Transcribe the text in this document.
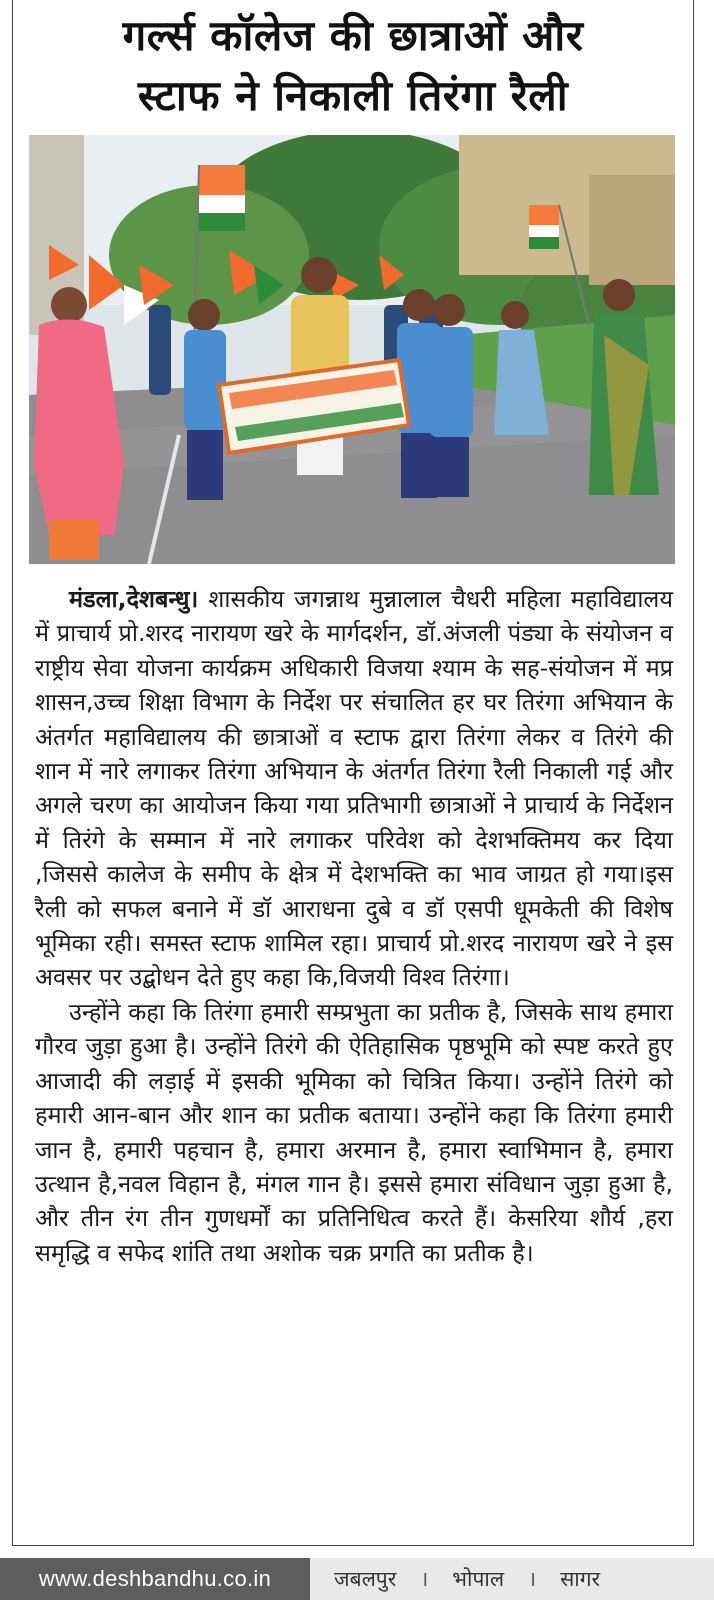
गर्ल्स कॉलेज की छात्राओं और
स्टाफ ने निकाली तिरंगा रैली

मंडला,देशबन्धु। शासकीय जगन्नाथ मुन्नालाल चैधरी महिला महाविद्यालय में प्राचार्य प्रो.शरद नारायण खरे के मार्गदर्शन, डॉ.अंजली पंड्या के संयोजन व राष्ट्रीय सेवा योजना कार्यक्रम अधिकारी विजया श्याम के सह-संयोजन में मप्र शासन,उच्च शिक्षा विभाग के निर्देश पर संचालित हर घर तिरंगा अभियान के अंतर्गत महाविद्यालय की छात्राओं व स्टाफ द्वारा तिरंगा लेकर व तिरंगे की शान में नारे लगाकर तिरंगा अभियान के अंतर्गत तिरंगा रैली निकाली गई और अगले चरण का आयोजन किया गया प्रतिभागी छात्राओं ने प्राचार्य के निर्देशन में तिरंगे के सम्मान में नारे लगाकर परिवेश को देशभक्तिमय कर दिया ,जिससे कालेज के समीप के क्षेत्र में देशभक्ति का भाव जाग्रत हो गया।इस रैली को सफल बनाने में डॉ आराधना दुबे व डॉ एसपी धूमकेती की विशेष भूमिका रही। समस्त स्टाफ शामिल रहा। प्राचार्य प्रो.शरद नारायण खरे ने इस अवसर पर उद्बोधन देते हुए कहा कि,विजयी विश्व तिरंगा।

उन्होंने कहा कि तिरंगा हमारी सम्प्रभुता का प्रतीक है, जिसके साथ हमारा गौरव जुड़ा हुआ है। उन्होंने तिरंगे की ऐतिहासिक पृष्ठभूमि को स्पष्ट करते हुए आजादी की लड़ाई में इसकी भूमिका को चित्रित किया। उन्होंने तिरंगे को हमारी आन-बान और शान का प्रतीक बताया। उन्होंने कहा कि तिरंगा हमारी जान है, हमारी पहचान है, हमारा अरमान है, हमारा स्वाभिमान है, हमारा उत्थान है,नवल विहान है, मंगल गान है। इससे हमारा संविधान जुड़ा हुआ है, और तीन रंग तीन गुणधर्मों का प्रतिनिधित्व करते हैं। केसरिया शौर्य ,हरा समृद्धि व सफेद शांति तथा अशोक चक्र प्रगति का प्रतीक है।

www.deshbandhu.co.in	जबलपुर	।	भोपाल	।	सागर
